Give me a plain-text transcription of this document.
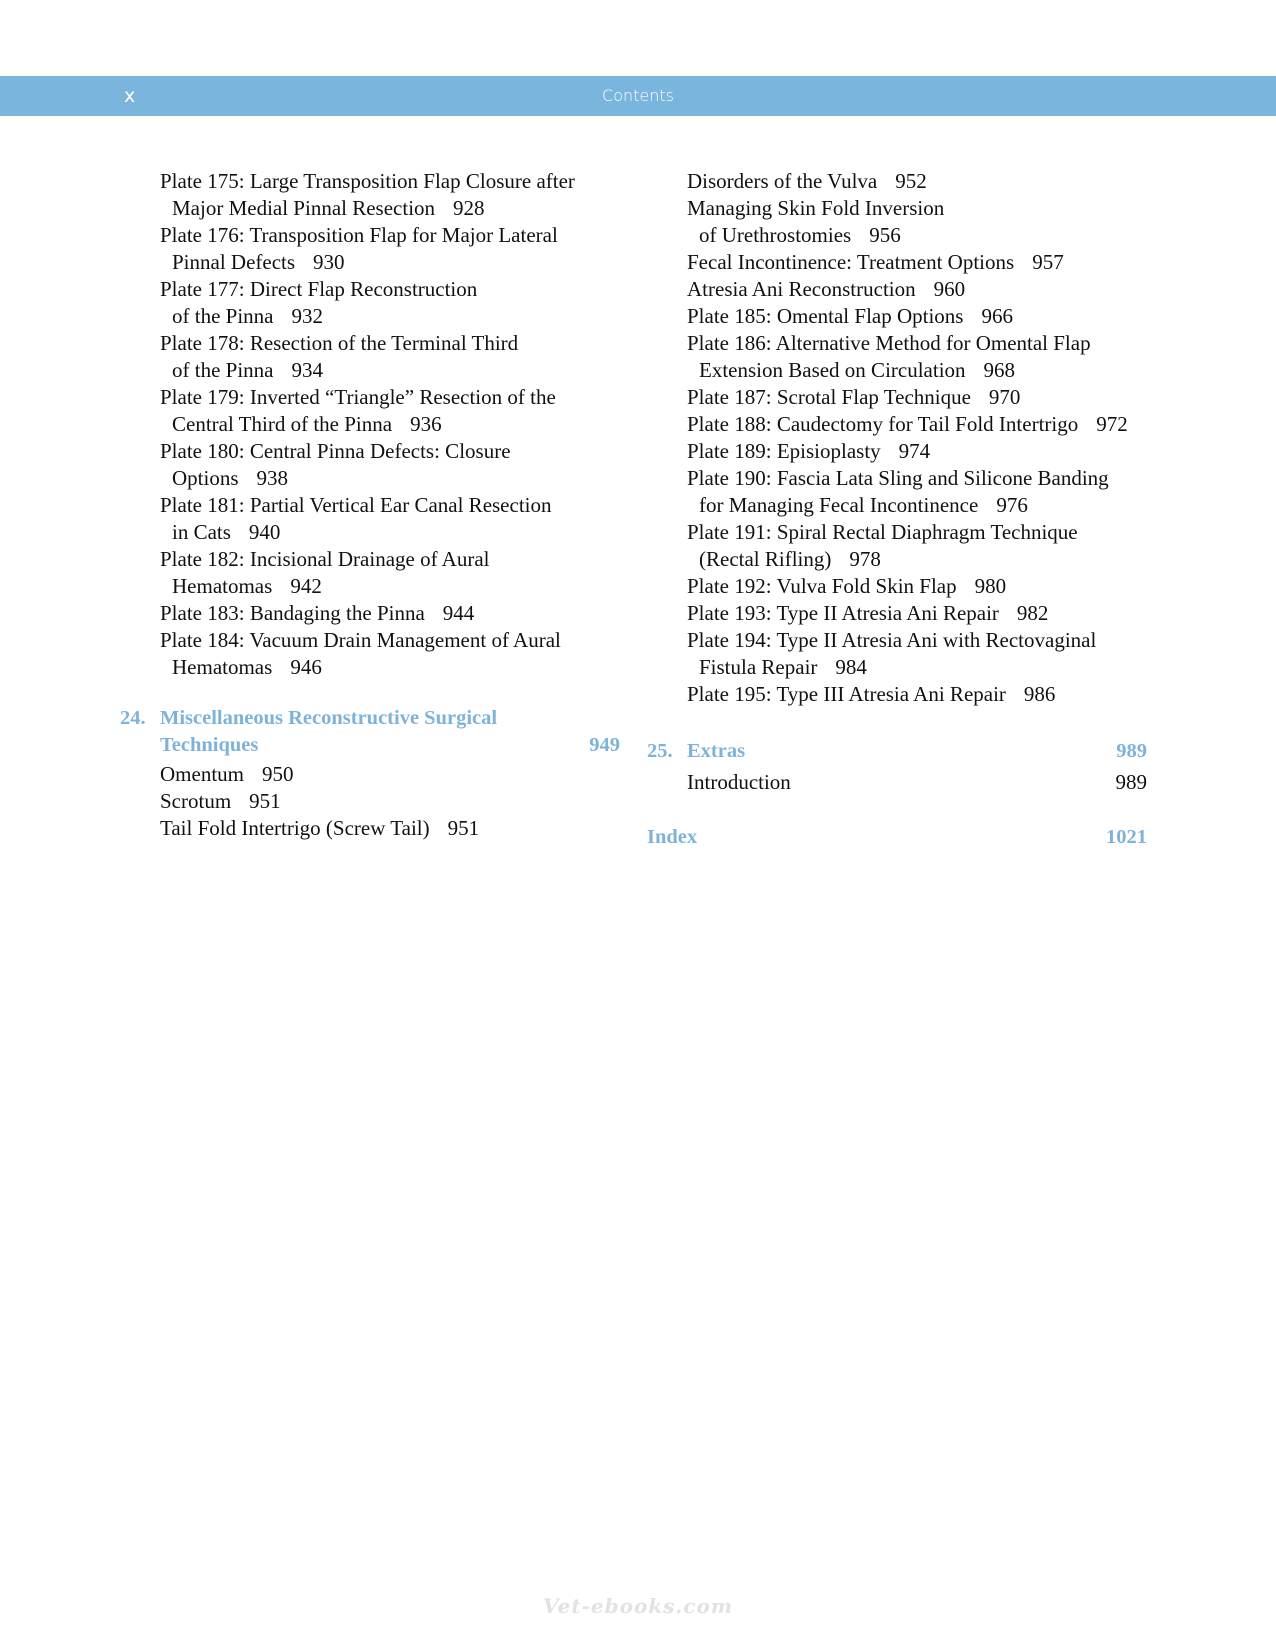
x	Contents
Plate 175: Large Transposition Flap Closure after
Major Medial Pinnal Resection 928
Plate 176: Transposition Flap for Major Lateral
Pinnal Defects 930
Plate 177: Direct Flap Reconstruction
of the Pinna 932
Plate 178: Resection of the Terminal Third
of the Pinna 934
Plate 179: Inverted “Triangle” Resection of the
Central Third of the Pinna 936
Plate 180: Central Pinna Defects: Closure
Options 938
Plate 181: Partial Vertical Ear Canal Resection
in Cats 940
Plate 182: Incisional Drainage of Aural
Hematomas 942
Plate 183: Bandaging the Pinna 944
Plate 184: Vacuum Drain Management of Aural
Hematomas 946
24. Miscellaneous Reconstructive Surgical
Techniques	949
Omentum 950
Scrotum 951
Tail Fold Intertrigo (Screw Tail) 951
Disorders of the Vulva 952
Managing Skin Fold Inversion
of Urethrostomies 956
Fecal Incontinence: Treatment Options 957
Atresia Ani Reconstruction 960
Plate 185: Omental Flap Options 966
Plate 186: Alternative Method for Omental Flap
Extension Based on Circulation 968
Plate 187: Scrotal Flap Technique 970
Plate 188: Caudectomy for Tail Fold Intertrigo 972
Plate 189: Episioplasty 974
Plate 190: Fascia Lata Sling and Silicone Banding
for Managing Fecal Incontinence 976
Plate 191: Spiral Rectal Diaphragm Technique
(Rectal Rifling) 978
Plate 192: Vulva Fold Skin Flap 980
Plate 193: Type II Atresia Ani Repair 982
Plate 194: Type II Atresia Ani with Rectovaginal
Fistula Repair 984
Plate 195: Type III Atresia Ani Repair 986
25. Extras	989
Introduction	989
Index	1021
Vet-ebooks.com
